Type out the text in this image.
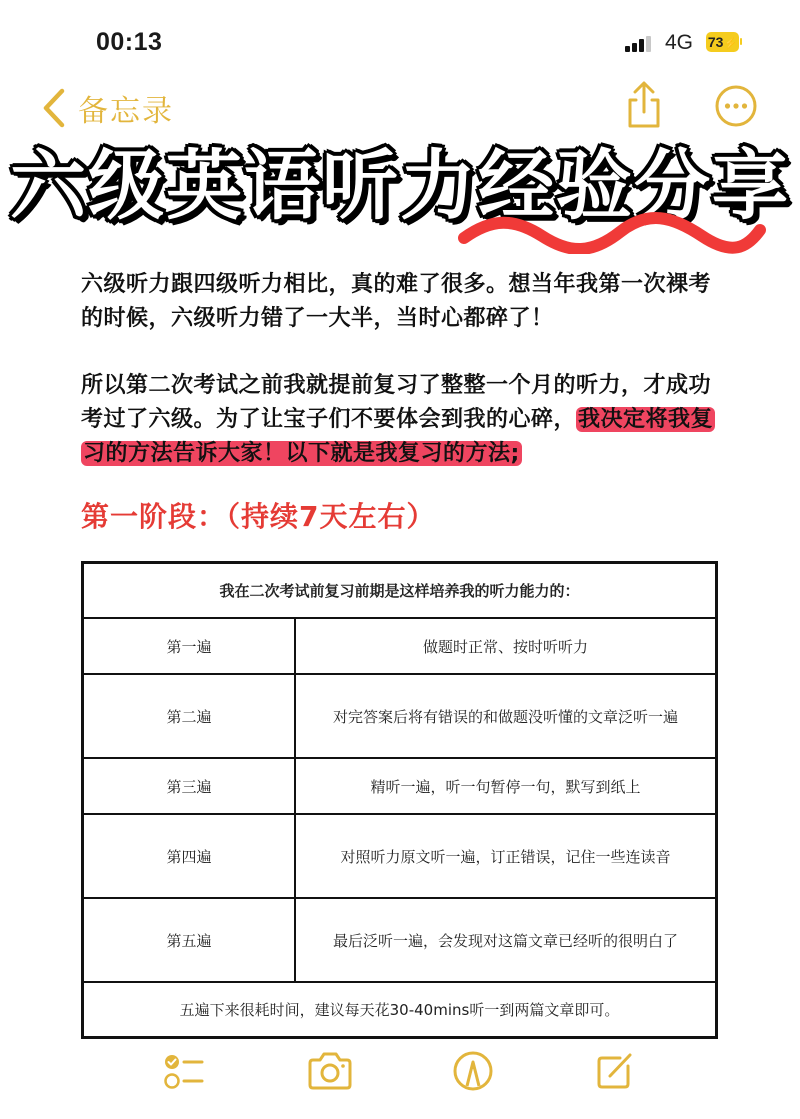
00:13	4G 73⚡
备忘录
六级英语听力经验分享
六级听力跟四级听力相比，真的难了很多。想当年我第一次裸考的时候，六级听力错了一大半，当时心都碎了！
所以第二次考试之前我就提前复习了整整一个月的听力，才成功考过了六级。为了让宝子们不要体会到我的心碎，我决定将我复习的方法告诉大家！以下就是我复习的方法;
第一阶段：（持续7天左右）
我在二次考试前复习前期是这样培养我的听力能力的：	
第一遍	做题时正常、按时听听力
第二遍	对完答案后将有错误的和做题没听懂的文章泛听一遍
第三遍	精听一遍，听一句暂停一句，默写到纸上
第四遍	对照听力原文听一遍，订正错误，记住一些连读音
第五遍	最后泛听一遍，会发现对这篇文章已经听的很明白了
五遍下来很耗时间，建议每天花30-40mins听一到两篇文章即可。	
